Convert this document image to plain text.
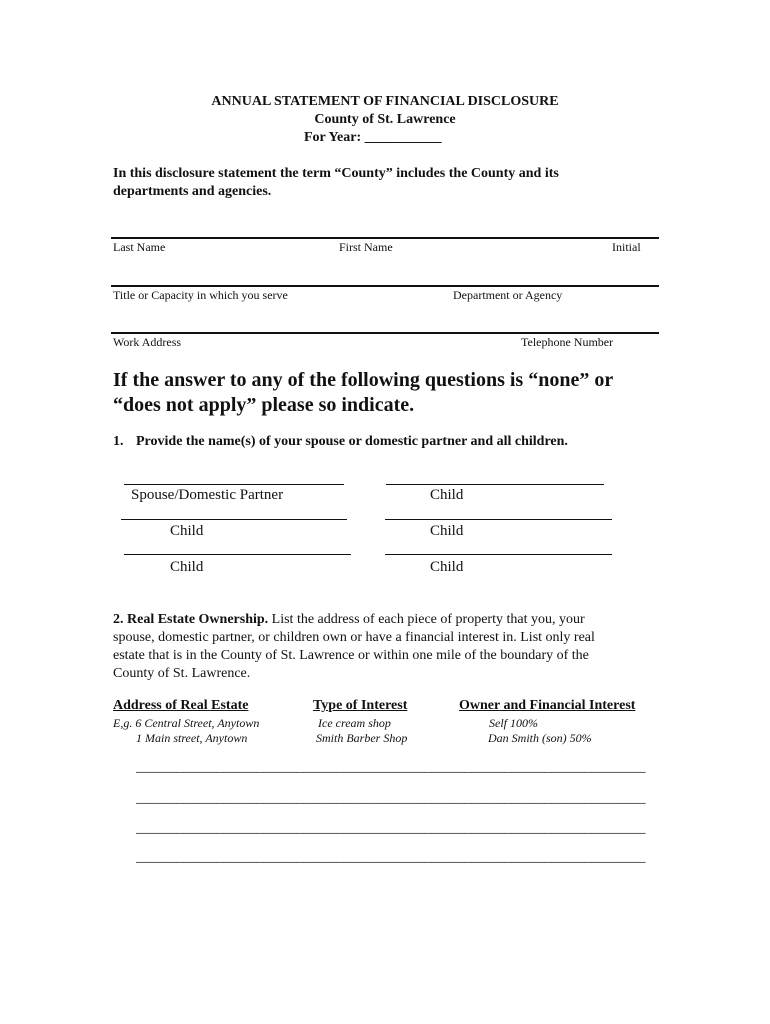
ANNUAL STATEMENT OF FINANCIAL DISCLOSURE
County of St. Lawrence
For Year: ___________
In this disclosure statement the term “County” includes the County and its
departments and agencies.
Last Name	First Name	Initial
Title or Capacity in which you serve	Department or Agency
Work Address	Telephone Number
If the answer to any of the following questions is “none” or
“does not apply” please so indicate.
1. Provide the name(s) of your spouse or domestic partner and all children.
Spouse/Domestic Partner	Child
Child	Child
Child	Child
2. Real Estate Ownership. List the address of each piece of property that you, your
spouse, domestic partner, or children own or have a financial interest in. List only real
estate that is in the County of St. Lawrence or within one mile of the boundary of the
County of St. Lawrence.
Address of Real Estate	Type of Interest	Owner and Financial Interest
E,g. 6 Central Street, Anytown	Ice cream shop	Self 100%
1 Main street, Anytown	Smith Barber Shop	Dan Smith (son) 50%
____________________________________________________________________________
____________________________________________________________________________
____________________________________________________________________________
____________________________________________________________________________
